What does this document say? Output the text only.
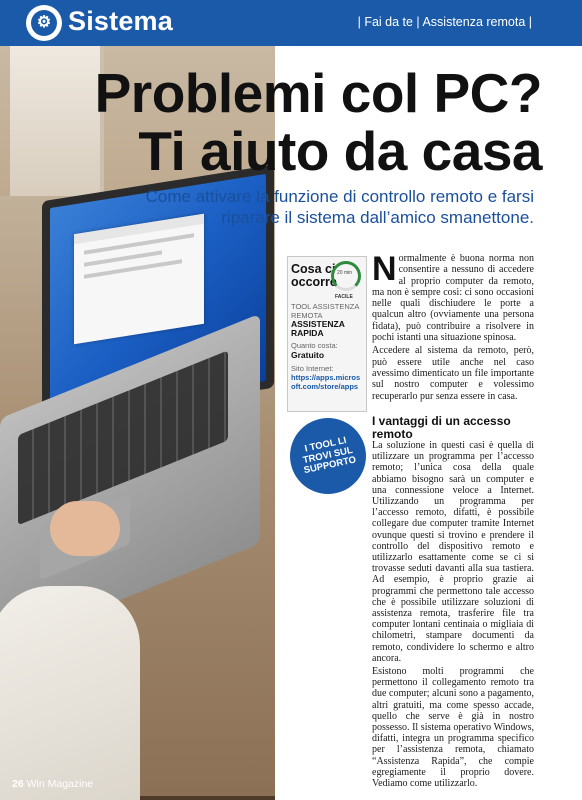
⚙ Sistema	| Fai da te | Assistenza remota |
Problemi col PC?
Ti aiuto da casa
Come attivare la funzione di controllo remoto e farsi riparare il sistema dall’amico smanettone.
Cosa ci
occorre
20 min
FACILE
TOOL ASSISTENZA REMOTA
ASSISTENZA RAPIDA
Quanto costa:
Gratuito
Sito Internet:
https://apps.microsoft.com/store/apps
I TOOL LI TROVI SUL SUPPORTO
N ormalmente è buona norma non consentire a nessuno di accedere al proprio computer da remoto, ma non è sempre così: ci sono occasioni nelle quali dischiudere le porte a qualcun altro (ovviamente una persona fidata), può contribuire a risolvere in pochi istanti una situazione spinosa.

Accedere al sistema da remoto, però, può essere utile anche nel caso avessimo dimenticato un file importante sul nostro computer e volessimo recuperarlo pur senza essere in casa.

I vantaggi di un accesso remoto

La soluzione in questi casi è quella di utilizzare un programma per l’accesso remoto; l’unica cosa della quale abbiamo bisogno sarà un computer e una connessione veloce a Internet. Utilizzando un programma per l’accesso remoto, difatti, è possibile collegare due computer tramite Internet ovunque questi si trovino e prendere il controllo del dispositivo remoto e utilizzarlo esattamente come se ci si trovasse seduti davanti alla sua tastiera. Ad esempio, è proprio grazie ai programmi che permettono tale accesso che è possibile utilizzare soluzioni di assistenza remota, trasferire file tra computer lontani centinaia o migliaia di chilometri, stampare documenti da remoto, condividere lo schermo e altro ancora.

Esistono molti programmi che permettono il collegamento remoto tra due computer; alcuni sono a pagamento, altri gratuiti, ma come spesso accade, quello che serve è già in nostro possesso. Il sistema operativo Windows, difatti, integra un programma specifico per l’assistenza remota, chiamato “Assistenza Rapida”, che compie egregiamente il proprio dovere. Vediamo come utilizzarlo.

26 Win Magazine
